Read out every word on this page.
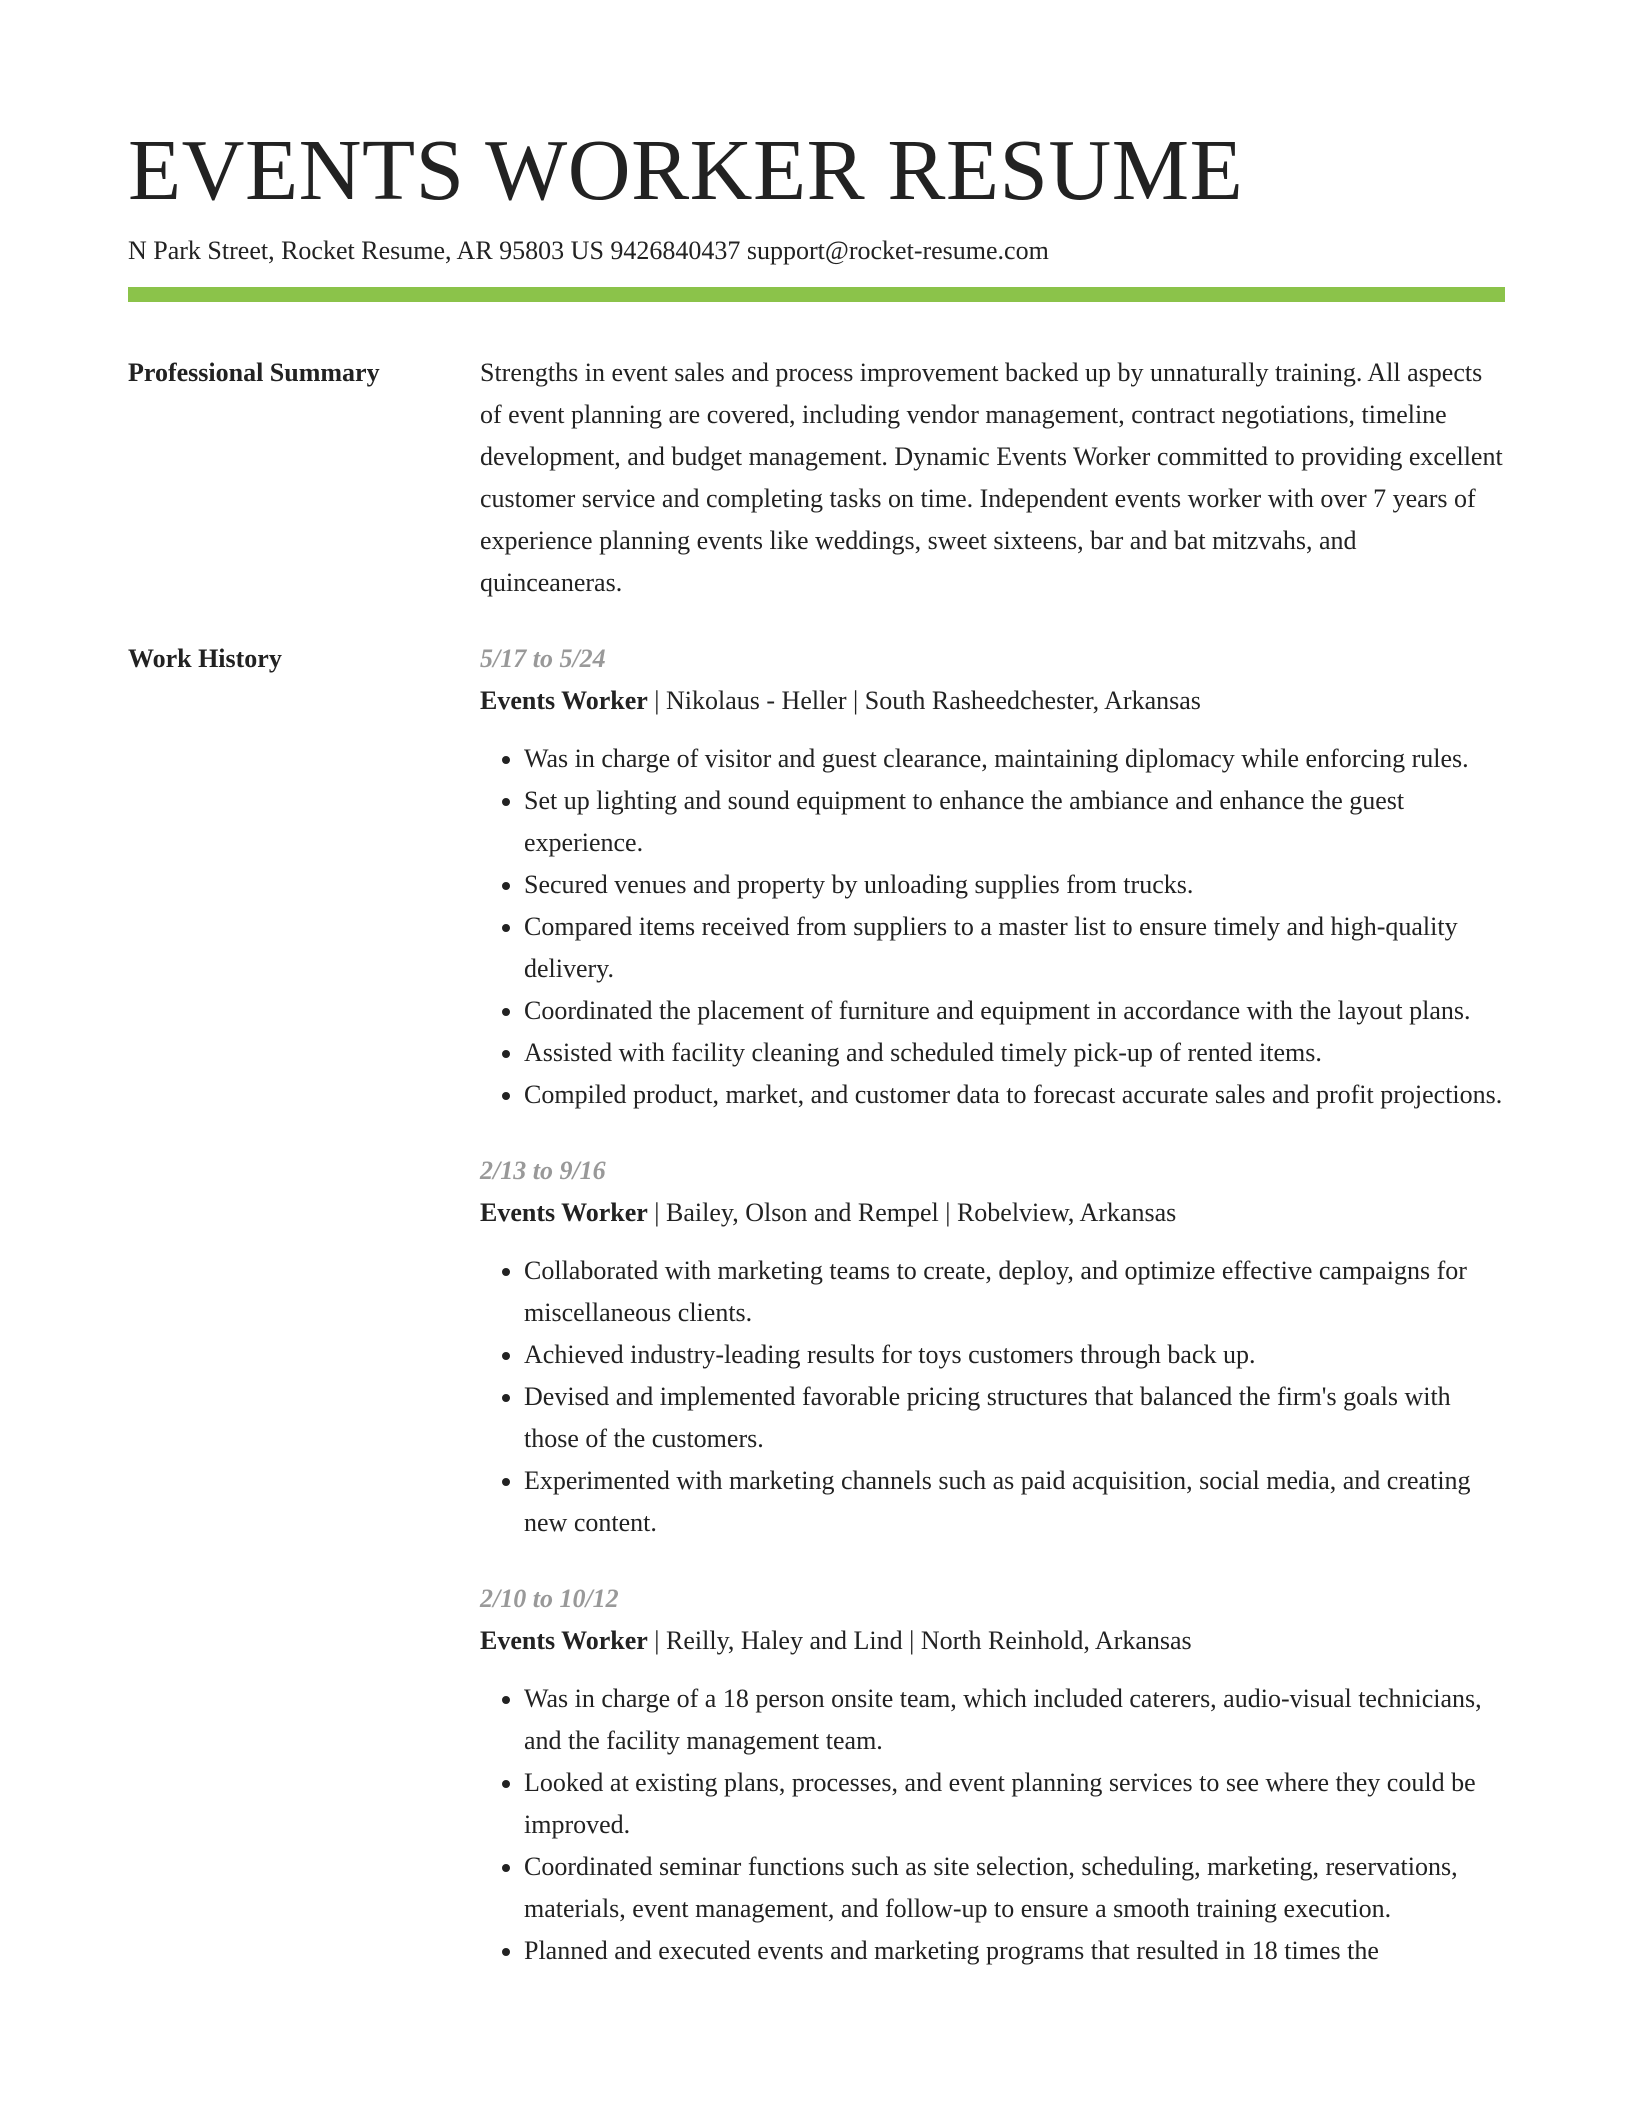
EVENTS WORKER RESUME
N Park Street, Rocket Resume, AR 95803 US 9426840437 support@rocket-resume.com
Professional Summary	Strengths in event sales and process improvement backed up by unnaturally training. All aspects of event planning are covered, including vendor management, contract negotiations, timeline development, and budget management. Dynamic Events Worker committed to providing excellent customer service and completing tasks on time. Independent events worker with over 7 years of experience planning events like weddings, sweet sixteens, bar and bat mitzvahs, and quinceaneras.

Work History	5/17 to 5/24
Events Worker | Nikolaus - Heller | South Rasheedchester, Arkansas
• Was in charge of visitor and guest clearance, maintaining diplomacy while enforcing rules.
• Set up lighting and sound equipment to enhance the ambiance and enhance the guest experience.
• Secured venues and property by unloading supplies from trucks.
• Compared items received from suppliers to a master list to ensure timely and high-quality delivery.
• Coordinated the placement of furniture and equipment in accordance with the layout plans.
• Assisted with facility cleaning and scheduled timely pick-up of rented items.
• Compiled product, market, and customer data to forecast accurate sales and profit projections.
2/13 to 9/16
Events Worker | Bailey, Olson and Rempel | Robelview, Arkansas
• Collaborated with marketing teams to create, deploy, and optimize effective campaigns for miscellaneous clients.
• Achieved industry-leading results for toys customers through back up.
• Devised and implemented favorable pricing structures that balanced the firm's goals with those of the customers.
• Experimented with marketing channels such as paid acquisition, social media, and creating new content.
2/10 to 10/12
Events Worker | Reilly, Haley and Lind | North Reinhold, Arkansas
• Was in charge of a 18 person onsite team, which included caterers, audio-visual technicians, and the facility management team.
• Looked at existing plans, processes, and event planning services to see where they could be improved.
• Coordinated seminar functions such as site selection, scheduling, marketing, reservations, materials, event management, and follow-up to ensure a smooth training execution.
• Planned and executed events and marketing programs that resulted in 18 times the
